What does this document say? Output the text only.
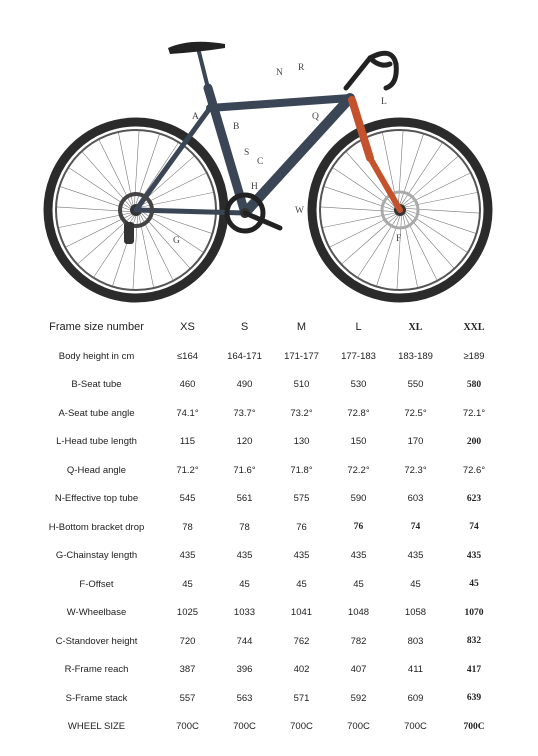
N R
A
B
L
Q
S
C
H
W
G	F
Frame size number	XS	S	M	L	XL	XXL
Body height in cm	≤164	164-171	171-177	177-183	183-189	≥189
B-Seat tube	460	490	510	530	550	580
A-Seat tube angle	74.1°	73.7°	73.2°	72.8°	72.5°	72.1°
L-Head tube length	115	120	130	150	170	200
Q-Head angle	71.2°	71.6°	71.8°	72.2°	72.3°	72.6°
N-Effective top tube	545	561	575	590	603	623
H-Bottom bracket drop	78	78	76	76	74	74
G-Chainstay length	435	435	435	435	435	435
F-Offset	45	45	45	45	45	45
W-Wheelbase	1025	1033	1041	1048	1058	1070
C-Standover height	720	744	762	782	803	832
R-Frame reach	387	396	402	407	411	417
S-Frame stack	557	563	571	592	609	639
WHEEL SIZE	700C	700C	700C	700C	700C	700C
